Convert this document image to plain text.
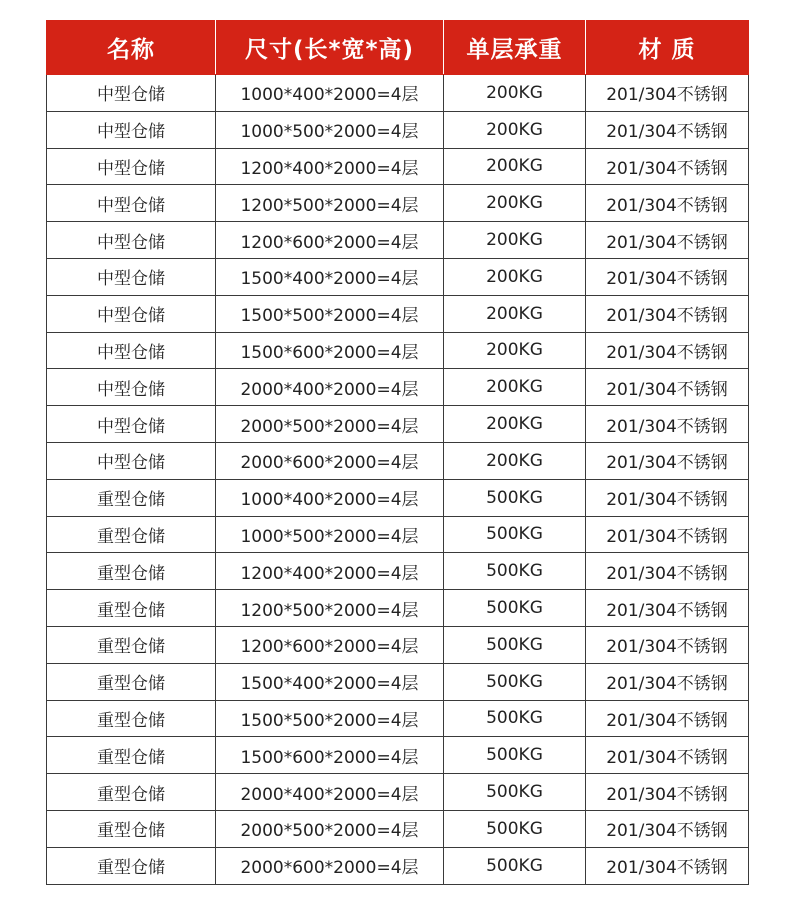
名称	尺寸(长*宽*高)	单层承重	材 质
中型仓储	1000*400*2000=4层	200KG	201/304不锈钢
中型仓储	1000*500*2000=4层	200KG	201/304不锈钢
中型仓储	1200*400*2000=4层	200KG	201/304不锈钢
中型仓储	1200*500*2000=4层	200KG	201/304不锈钢
中型仓储	1200*600*2000=4层	200KG	201/304不锈钢
中型仓储	1500*400*2000=4层	200KG	201/304不锈钢
中型仓储	1500*500*2000=4层	200KG	201/304不锈钢
中型仓储	1500*600*2000=4层	200KG	201/304不锈钢
中型仓储	2000*400*2000=4层	200KG	201/304不锈钢
中型仓储	2000*500*2000=4层	200KG	201/304不锈钢
中型仓储	2000*600*2000=4层	200KG	201/304不锈钢
重型仓储	1000*400*2000=4层	500KG	201/304不锈钢
重型仓储	1000*500*2000=4层	500KG	201/304不锈钢
重型仓储	1200*400*2000=4层	500KG	201/304不锈钢
重型仓储	1200*500*2000=4层	500KG	201/304不锈钢
重型仓储	1200*600*2000=4层	500KG	201/304不锈钢
重型仓储	1500*400*2000=4层	500KG	201/304不锈钢
重型仓储	1500*500*2000=4层	500KG	201/304不锈钢
重型仓储	1500*600*2000=4层	500KG	201/304不锈钢
重型仓储	2000*400*2000=4层	500KG	201/304不锈钢
重型仓储	2000*500*2000=4层	500KG	201/304不锈钢
重型仓储	2000*600*2000=4层	500KG	201/304不锈钢
